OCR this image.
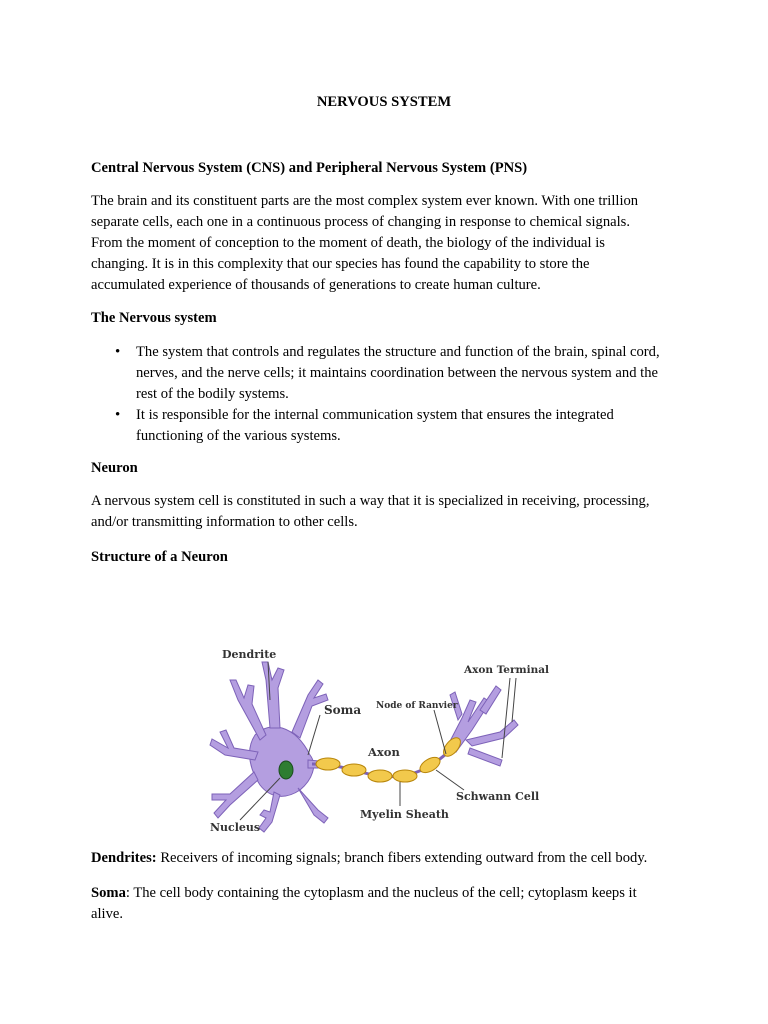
NERVOUS SYSTEM

Central Nervous System (CNS) and Peripheral Nervous System (PNS)

The brain and its constituent parts are the most complex system ever known. With one trillion
separate cells, each one in a continuous process of changing in response to chemical signals.
From the moment of conception to the moment of death, the biology of the individual is
changing. It is in this complexity that our species has found the capability to store the
accumulated experience of thousands of generations to create human culture.

The Nervous system

• The system that controls and regulates the structure and function of the brain, spinal cord,
nerves, and the nerve cells; it maintains coordination between the nervous system and the
rest of the bodily systems.
• It is responsible for the internal communication system that ensures the integrated
functioning of the various systems.

Neuron

A nervous system cell is constituted in such a way that it is specialized in receiving, processing,
and/or transmitting information to other cells.

Structure of a Neuron

Dendrite
Axon Terminal
Soma Node of Ranvier
Axon
Schwann Cell
Myelin Sheath
Nucleus

Dendrites: Receivers of incoming signals; branch fibers extending outward from the cell body.

Soma: The cell body containing the cytoplasm and the nucleus of the cell; cytoplasm keeps it
alive.
